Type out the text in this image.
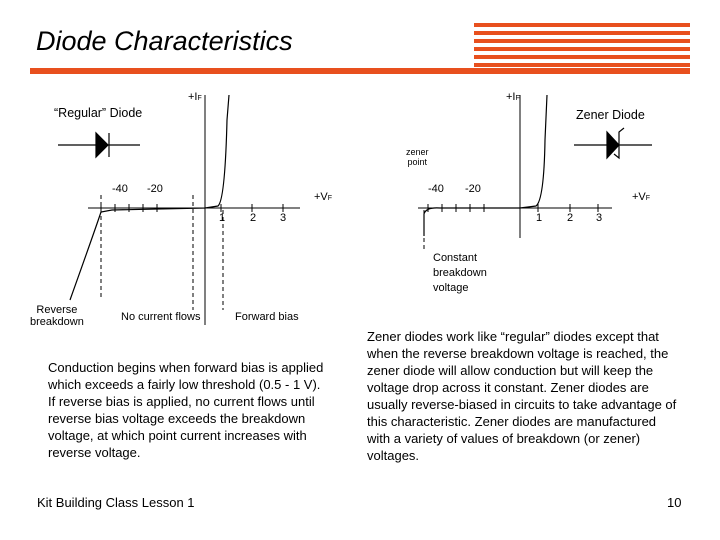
Diode Characteristics
“Regular” Diode
+IF
+VF
-40 -20
1 2 3
Reverse
breakdown	No current flows	Forward bias
Zener Diode
+IF
+VF
zener
point
-40 -20
1 2 3
Constant
breakdown
voltage
Conduction begins when forward bias is applied which exceeds a fairly low threshold (0.5 - 1 V). If reverse bias is applied, no current flows until reverse bias voltage exceeds the breakdown voltage, at which point current increases with reverse voltage.
Zener diodes work like “regular” diodes except that when the reverse breakdown voltage is reached, the zener diode will allow conduction but will keep the voltage drop across it constant. Zener diodes are usually reverse-biased in circuits to take advantage of this characteristic. Zener diodes are manufactured with a variety of values of breakdown (or zener) voltages.
Kit Building Class Lesson 1	10
